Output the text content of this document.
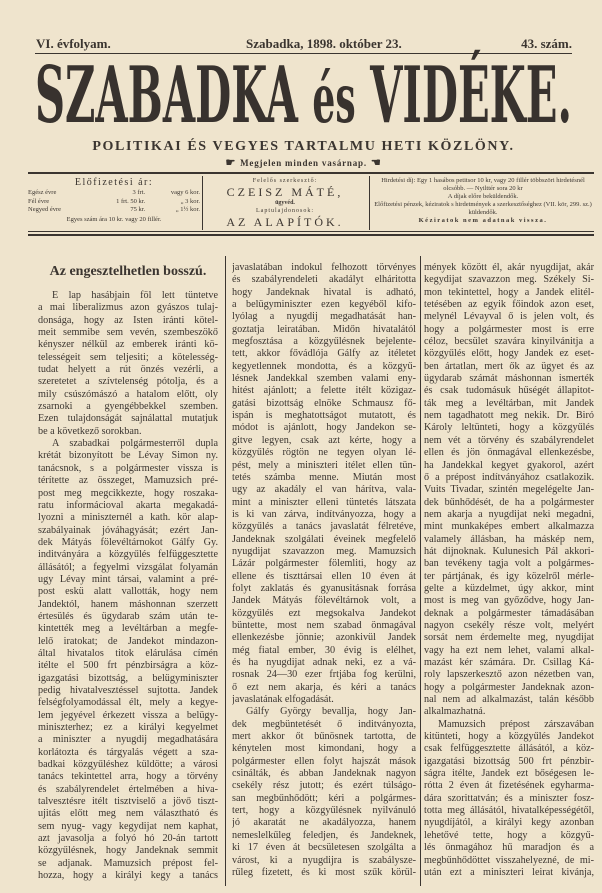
VI. évfolyam.	Szabadka, 1898. október 23.	43. szám.
SZABADKA és VIDÉKE.
POLITIKAI ÉS VEGYES TARTALMU HETI KÖZLÖNY.
☛ Megjelen minden vasárnap. ☚
Előfizetési ár:
Egész évre	3 frt.	vagy 6 kor.
Fél évre	1 frt. 50 kr.	„ 3 kor.
Negyed évre	75 kr.	„ 1½ kor.
Egyes szám ára 10 kr. vagy 20 fillér.
Felelős szerkesztő:
CZEISZ MÁTÉ,
ügyvéd.
Laptulajdonosok:
AZ ALAPÍTÓK.
Hirdetési díj: Egy 1 hasábos petitsor 10 kr, vagy 20 fillér többszöri hirdetésnél olcsóbb. — Nyilttér sora 20 kr
A díjak előre beküldendők.
Előfizetési pénzek, kéziratok s hirdetmények a szerkesztőséghez (VII. kör, 299. sz.) küldendők.
Kéziratok nem adatnak vissza.
Az engesztelhetlen bosszú.
E lap hasábjain föl lett tüntetve
a mai liberalizmus azon gyászos tulaj-
donsága, hogy az Isten iránti kötel-
meit semmibe sem vevén, szembeszökő
kényszer nélkül az emberek iránti kö-
telességeit sem teljesiti; a kötelesség-
tudat helyett a rút önzés vezérli, a
szeretetet a szívtelenség pótolja, és a
mily csúszómászó a hatalom előtt, oly
zsarnoki a gyengébbekkel szemben.
Ezen tulajdonságát sajnálattal mutatjuk
be a következő sorokban.
A szabadkai polgármesterről dupla
krétát bizonyított be Lévay Simon ny.
tanácsnok, s a polgármester vissza is
térítette az összeget, Mamuzsich pré-
post meg megcikkezte, hogy roszaka-
ratu informácioval akarta megakadá-
lyozni a miniszternél a kath. kör alap-
szabályainak jóváhagyását; ezért Jan-
dek Mátyás fölevéltárnokot Gálfy Gy.
inditványára a közgyűlés felfüggesztette
állásától; a fegyelmi vizsgálat folyamán
ugy Lévay mint társai, valamint a pré-
post eskü alatt vallották, hogy nem
Jandektól, hanem máshonnan szerzett
értesülés és ügydarab szám után te-
kintették meg a levéltárban a megfe-
lelő iratokat; de Jandekot mindazon-
által hivatalos titok elárulása címén
itélte el 500 frt pénzbirságra a köz-
igazgatási bizottság, a belügyminiszter
pedig hivatalvesztéssel sujtotta. Jandek
felségfolyamodással élt, mely a kegye-
lem jegyével érkezett vissza a belügy-
miniszterhez; ez a királyi kegyelmet
a miniszter a nyugdij megadhatására
korlátozta és tárgyalás végett a sza-
badkai közgyűléshez küldötte; a városi
tanács tekintettel arra, hogy a törvény
és szabályrendelet értelmében a hiva-
talvesztésre itélt tisztviselő a jövő tiszt-
ujitás előtt meg nem választható és
sem nyug- vagy kegydijat nem kaphat,
azt javasolja a folyó hó 20-án tartott
közgyűlésnek, hogy Jandeknak semmit
se adjanak. Mamuzsich prépost fel-
hozza, hogy a királyi kegy a tanács
javaslatában indokul felhozott törvényes
és szabályrendeleti akadályt elháritotta
hogy Jandeknak hivatal is adható,
a belügyminiszter ezen kegyéből kifo-
lyólag a nyugdij megadhatását han-
goztatja leiratában. Midőn hivatalától
megfosztása a közgyűlésnek bejelente-
tett, akkor fővádlója Gálfy az itéletet
kegyetlennek mondotta, és a közgyű-
lésnek Jandekkal szemben valami eny-
hitést ajánlott; a felette itélt közigaz-
gatási bizottság elnöke Schmausz fő-
ispán is meghatottságot mutatott, és
módot is ajánlott, hogy Jandekon se-
gitve legyen, csak azt kérte, hogy a
közgyűlés rögtön ne tegyen olyan lé-
pést, mely a miniszteri itélet ellen tün-
tetés számba menne. Miután most
ugy az akadály el van hárítva, vala-
mint a miniszter elleni tüntetés látszata
is ki van zárva, indítványozza, hogy a
közgyűlés a tanács javaslatát félretéve,
Jandeknak szolgálati éveinek megfelelő
nyugdijat szavazzon meg. Mamuzsich
Lázár polgármester fölemliti, hogy az
ellene és tiszttársai ellen 10 éven át
folyt zaklatás és gyanusitásnak forrása
Jandek Mátyás fölevéltárnok volt, a
közgyűlés ezt megsokalva Jandekot
büntette, most nem szabad önmagával
ellenkezésbe jönnie; azonkivül Jandek
még fiatal ember, 30 évig is elélhet,
és ha nyugdijat adnak neki, ez a vá-
rosnak 24—30 ezer frtjába fog kerülni,
ő ezt nem akarja, és kéri a tanács
javaslatának elfogadását.
Gálfy György bevallja, hogy Jan-
dek megbüntetését ő inditványozta,
mert akkor őt bűnösnek tartotta, de
kénytelen most kimondani, hogy a
polgármester ellen folyt hajszát mások
csinálták, és abban Jandeknak nagyon
csekély rész jutott; és ezért túlságo-
san megbűnhődött; kéri a polgármes-
tert, hogy a közgyűlésnek nyilvánuló
jó akaratát ne akadályozza, hanem
nemeslelkűleg feledjen, és Jandeknek,
ki 17 éven át becsületesen szolgálta a
várost, ki a nyugdijra is szabálysze-
rűleg fizetett, és ki most szűk körül-
mények között él, akár nyugdijat, akár
kegydijat szavazzon meg. Székely Si-
mon tekintettel, hogy a Jandek elitél-
tetésében az egyik főindok azon eset,
melynél Lévayval ő is jelen volt, és
hogy a polgármester most is erre
céloz, becsület szavára kinyilvánitja a
közgyűlés előtt, hogy Jandek ez eset-
ben ártatlan, mert ők az ügyet és az
ügydarab számát máshonnan ismerték
és csak tudomásuk hűségét állapitot-
ták meg a levéltárban, mit Jandek
nem tagadhatott meg nekik. Dr. Biró
Károly leltünteti, hogy a közgyűlés
nem vét a törvény és szabályrendelet
ellen és jön önmagával ellenkezésbe,
ha Jandekkal kegyet gyakorol, azért
ő a prépost indítványához csatlakozik.
Vuits Tivadar, szintén megelégelte Jan-
dek bűnhődését, de ha a polgármester
nem akarja a nyugdijat neki megadni,
mint munkaképes embert alkalmazza
valamely állásban, ha máskép nem,
hát dijnoknak. Kulunesich Pál akkori-
ban tevékeny tagja volt a polgármes-
ter pártjának, és igy közelről mérle-
gelte a küzdelmet, úgy akkor, mint
most is meg van győződve, hogy Jan-
deknak a polgármester támadásában
nagyon csekély része volt, melyért
sorsát nem érdemelte meg, nyugdijat
vagy ha ezt nem lehet, valami alkal-
mazást kér számára. Dr. Csillag Ká-
roly lapszerkesztő azon nézetben van,
hogy a polgármester Jandeknak azon-
nal nem ad alkalmazást, talán később
alkalmazhatná.
Mamuzsich prépost zárszavában
kitünteti, hogy a közgyűlés Jandekot
csak felfüggesztette állásától, a köz-
igazgatási bizottság 500 frt pénzbir-
ságra itélte, Jandek ezt bőségesen le-
rótta 2 éven át fizetésének egyharma-
dára szorittatván; és a miniszter fosz-
totta meg állásától, hivatalképességétől,
nyugdíjától, a királyi kegy azonban
lehetővé tette, hogy a közgyű-
lés önmagához hű maradjon és a
megbűnhődöttet visszahelyezné, de mi-
után ezt a miniszteri leirat kivánja,
